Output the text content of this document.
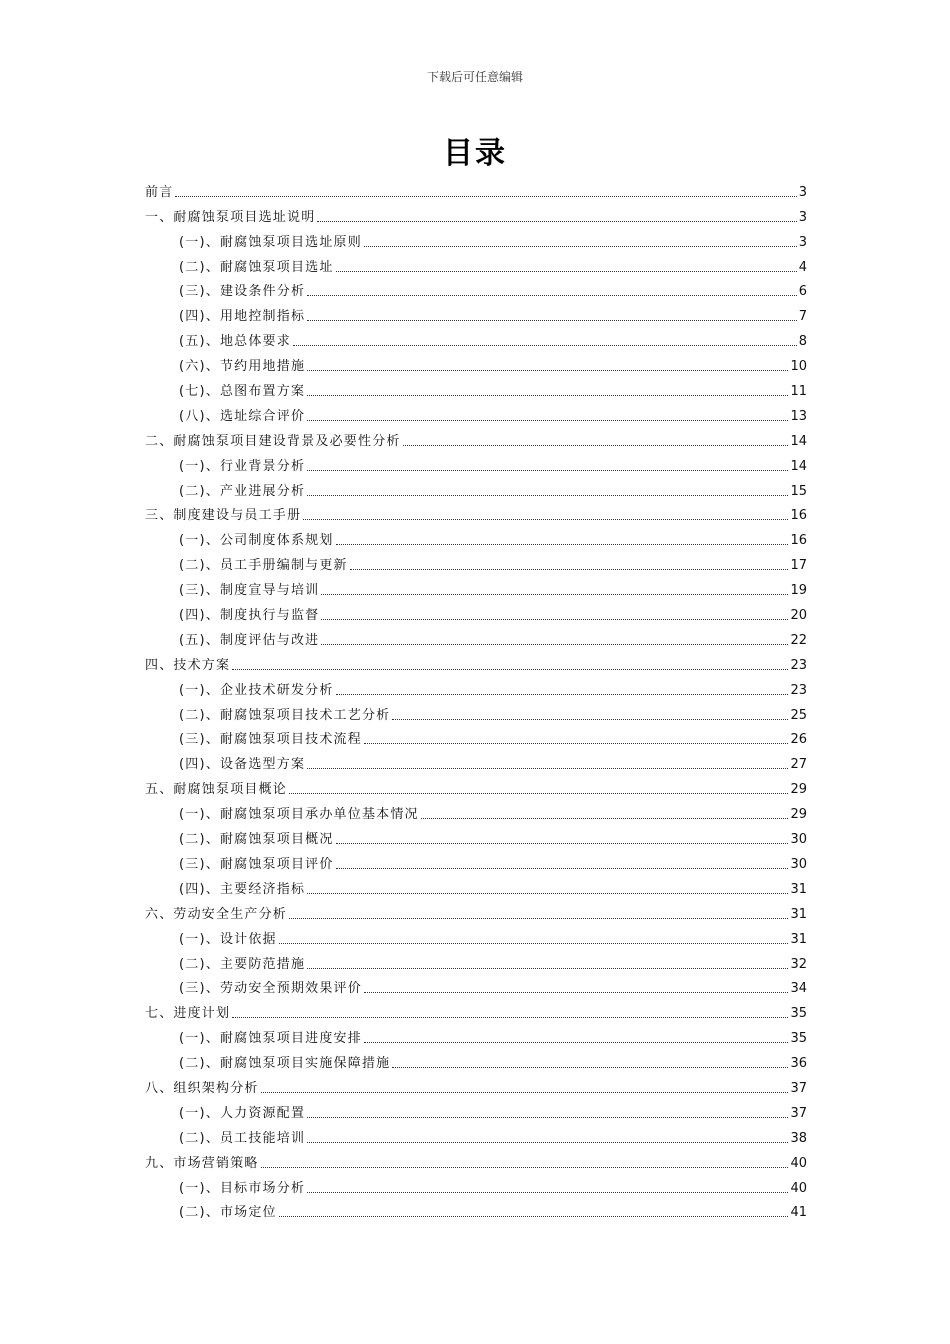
下载后可任意编辑
目录
前言	3
一、耐腐蚀泵项目选址说明	3
(一)、耐腐蚀泵项目选址原则	3
(二)、耐腐蚀泵项目选址	4
(三)、建设条件分析	6
(四)、用地控制指标	7
(五)、地总体要求	8
(六)、节约用地措施	10
(七)、总图布置方案	11
(八)、选址综合评价	13
二、耐腐蚀泵项目建设背景及必要性分析	14
(一)、行业背景分析	14
(二)、产业进展分析	15
三、制度建设与员工手册	16
(一)、公司制度体系规划	16
(二)、员工手册编制与更新	17
(三)、制度宣导与培训	19
(四)、制度执行与监督	20
(五)、制度评估与改进	22
四、技术方案	23
(一)、企业技术研发分析	23
(二)、耐腐蚀泵项目技术工艺分析	25
(三)、耐腐蚀泵项目技术流程	26
(四)、设备选型方案	27
五、耐腐蚀泵项目概论	29
(一)、耐腐蚀泵项目承办单位基本情况	29
(二)、耐腐蚀泵项目概况	30
(三)、耐腐蚀泵项目评价	30
(四)、主要经济指标	31
六、劳动安全生产分析	31
(一)、设计依据	31
(二)、主要防范措施	32
(三)、劳动安全预期效果评价	34
七、进度计划	35
(一)、耐腐蚀泵项目进度安排	35
(二)、耐腐蚀泵项目实施保障措施	36
八、组织架构分析	37
(一)、人力资源配置	37
(二)、员工技能培训	38
九、市场营销策略	40
(一)、目标市场分析	40
(二)、市场定位	41
